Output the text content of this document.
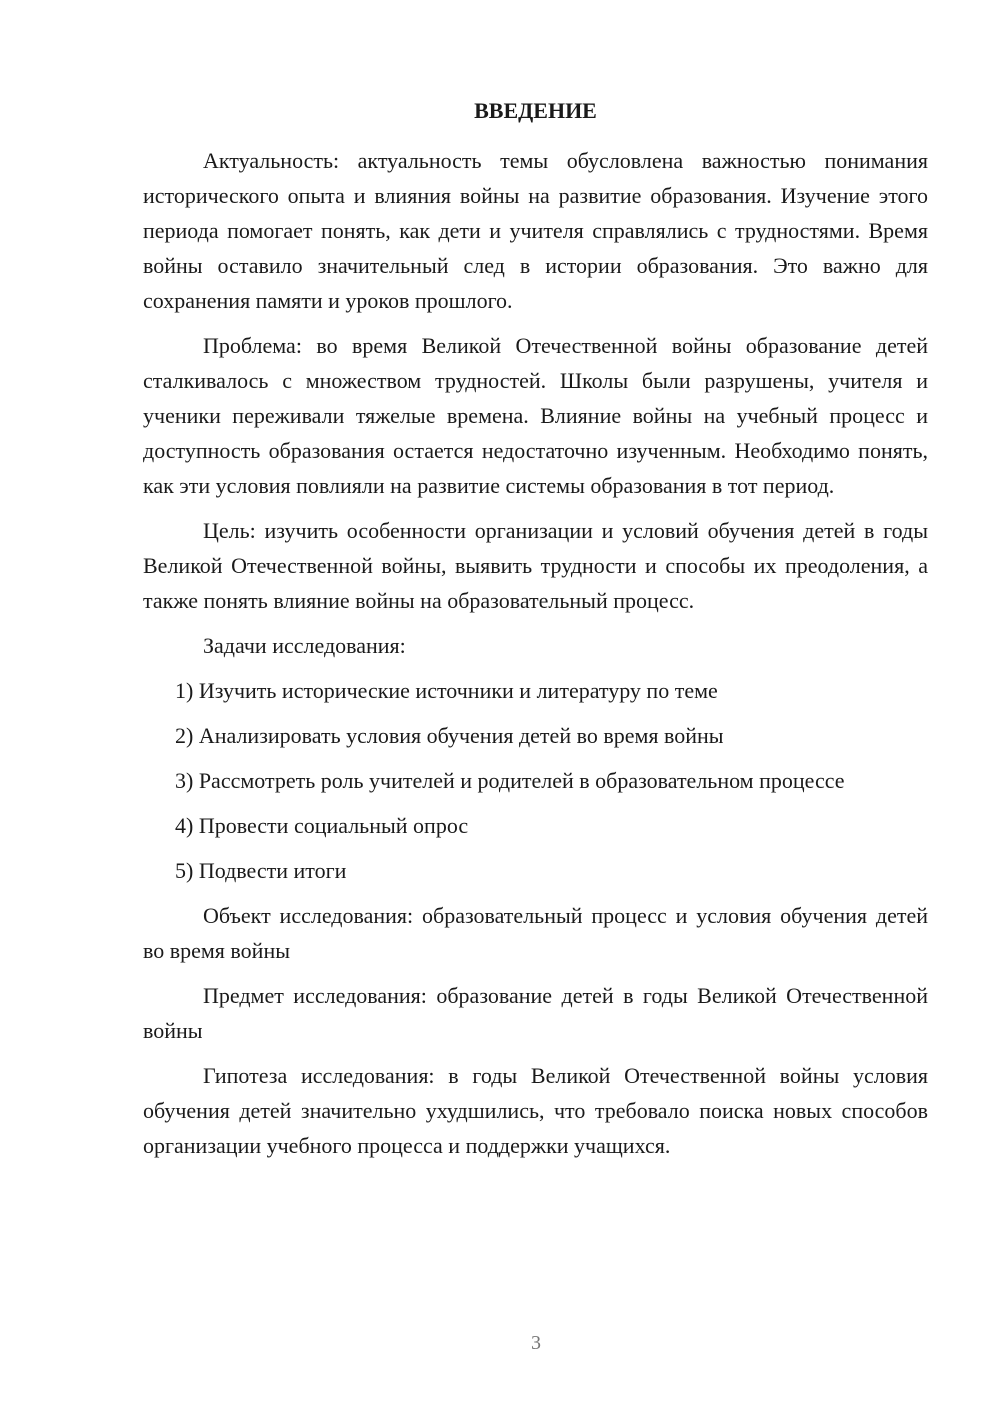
ВВЕДЕНИЕ

Актуальность: актуальность темы обусловлена важностью понимания исторического опыта и влияния войны на развитие образования. Изучение этого периода помогает понять, как дети и учителя справлялись с трудностями. Время войны оставило значительный след в истории образования. Это важно для сохранения памяти и уроков прошлого.

Проблема: во время Великой Отечественной войны образование детей сталкивалось с множеством трудностей. Школы были разрушены, учителя и ученики переживали тяжелые времена. Влияние войны на учебный процесс и доступность образования остается недостаточно изученным. Необходимо понять, как эти условия повлияли на развитие системы образования в тот период.

Цель: изучить особенности организации и условий обучения детей в годы Великой Отечественной войны, выявить трудности и способы их преодоления, а также понять влияние войны на образовательный процесс.

Задачи исследования:

1) Изучить исторические источники и литературу по теме

2) Анализировать условия обучения детей во время войны

3) Рассмотреть роль учителей и родителей в образовательном процессе

4) Провести социальный опрос

5) Подвести итоги

Объект исследования: образовательный процесс и условия обучения детей во время войны

Предмет исследования: образование детей в годы Великой Отечественной войны

Гипотеза исследования: в годы Великой Отечественной войны условия обучения детей значительно ухудшились, что требовало поиска новых способов организации учебного процесса и поддержки учащихся.

3
